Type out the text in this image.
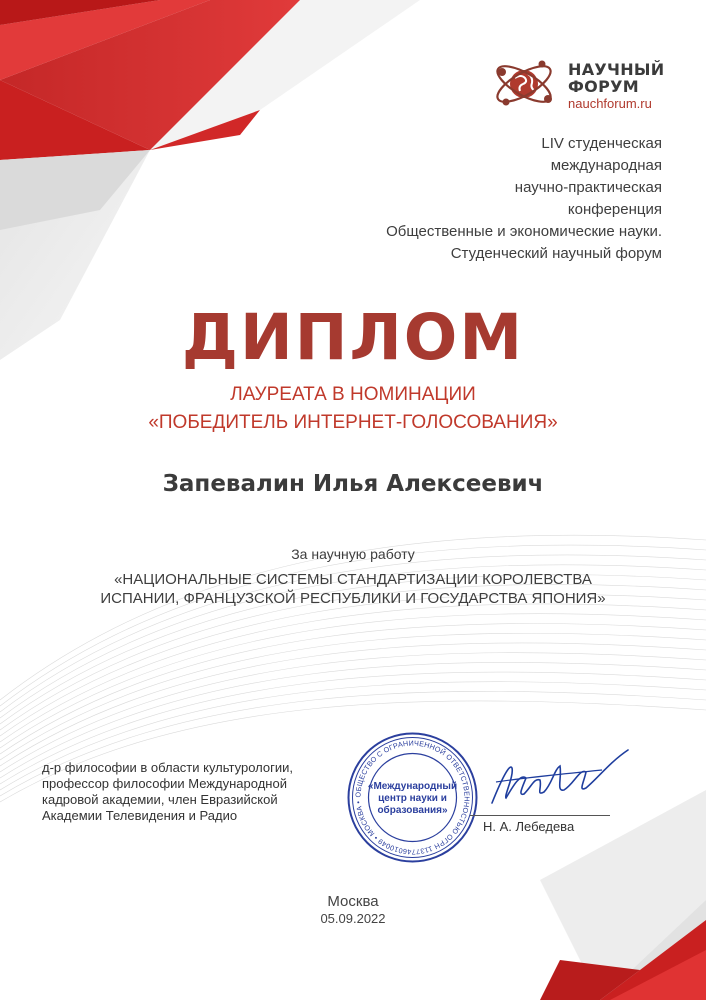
НАУЧНЫЙ
ФОРУМ
nauchforum.ru
LIV студенческая
международная
научно-практическая
конференция
Общественные и экономические науки.
Студенческий научный форум
ДИПЛОМ
ЛАУРЕАТА В НОМИНАЦИИ
«ПОБЕДИТЕЛЬ ИНТЕРНЕТ-ГОЛОСОВАНИЯ»
Запевалин Илья Алексеевич
За научную работу
«НАЦИОНАЛЬНЫЕ СИСТЕМЫ СТАНДАРТИЗАЦИИ КОРОЛЕВСТВА
ИСПАНИИ, ФРАНЦУЗСКОЙ РЕСПУБЛИКИ И ГОСУДАРСТВА ЯПОНИЯ»
д-р философии в области культурологии,
профессор философии Международной
кадровой академии, член Евразийской
Академии Телевидения и Радио
ОБЩЕСТВО С ОГРАНИЧЕННОЙ ОТВЕТСТВЕННОСТЬЮ ОГРН 1137746010049 • МОСКВА •
«Международный
центр науки и
образования»
Н. А. Лебедева
Москва
05.09.2022
